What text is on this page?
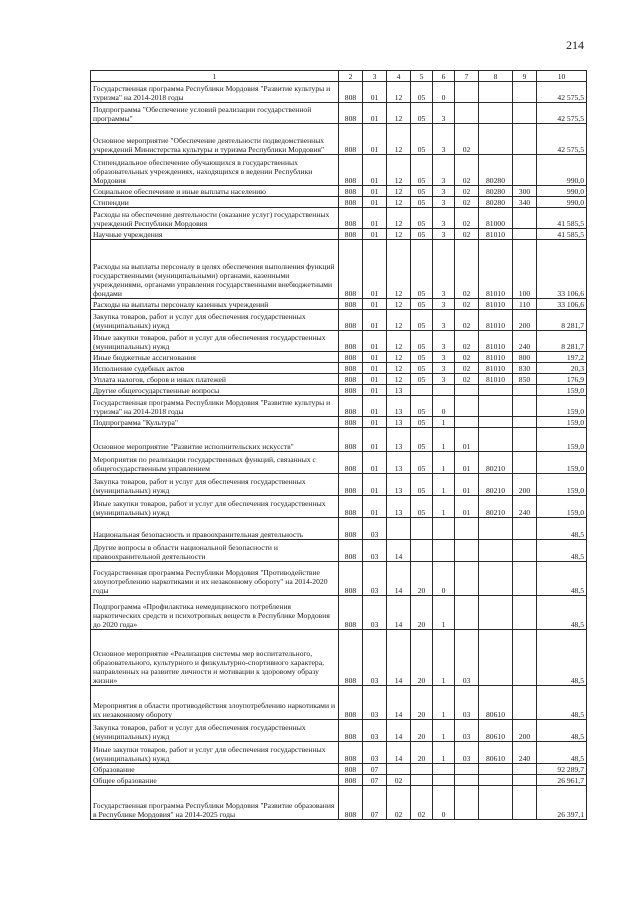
214
1	2	3	4	5	6	7	8	9	10
Государственная программа Республики Мордовия "Развитие культуры и туризма" на 2014-2018 годы	808	01	12	05	0				42 575,5
Подпрограмма "Обеспечение условий реализации государственной программы"	808	01	12	05	3				42 575,5
Основное мероприятие "Обеспечение деятельности подведомственных учреждений Министерства культуры и туризма Республики Мордовия"	808	01	12	05	3	02			42 575,5
Стипендиальное обеспечение обучающихся в государственных образовательных учреждениях, находящихся в ведении Республики Мордовия	808	01	12	05	3	02	80280		990,0
Социальное обеспечение и иные выплаты населению	808	01	12	05	3	02	80280	300	990,0
Стипендии	808	01	12	05	3	02	80280	340	990,0
Расходы на обеспечение деятельности (оказание услуг) государственных учреждений Республики Мордовия	808	01	12	05	3	02	81000		41 585,5
Научные учреждения	808	01	12	05	3	02	81010		41 585,5
Расходы на выплаты персоналу в целях обеспечения выполнения функций государственными (муниципальными) органами, казенными учреждениями, органами управления государственными внебюджетными фондами	808	01	12	05	3	02	81010	100	33 106,6
Расходы на выплаты персоналу казенных учреждений	808	01	12	05	3	02	81010	110	33 106,6
Закупка товаров, работ и услуг для обеспечения государственных (муниципальных) нужд	808	01	12	05	3	02	81010	200	8 281,7
Иные закупки товаров, работ и услуг для обеспечения государственных (муниципальных) нужд	808	01	12	05	3	02	81010	240	8 281,7
Иные бюджетные ассигнования	808	01	12	05	3	02	81010	800	197,2
Исполнение судебных актов	808	01	12	05	3	02	81010	830	20,3
Уплата налогов, сборов и иных платежей	808	01	12	05	3	02	81010	850	176,9
Другие общегосударственные вопросы	808	01	13						159,0
Государственная программа Республики Мордовия "Развитие культуры и туризма" на 2014-2018 годы	808	01	13	05	0				159,0
Подпрограмма "Культура"	808	01	13	05	1				159,0
Основное мероприятие "Развитие исполнительских искусств"	808	01	13	05	1	01			159,0
Мероприятия по реализации государственных функций, связанных с общегосударственным управлением	808	01	13	05	1	01	80210		159,0
Закупка товаров, работ и услуг для обеспечения государственных (муниципальных) нужд	808	01	13	05	1	01	80210	200	159,0
Иные закупки товаров, работ и услуг для обеспечения государственных (муниципальных) нужд	808	01	13	05	1	01	80210	240	159,0
Национальная безопасность и правоохранительная деятельность	808	03							48,5
Другие вопросы в области национальной безопасности и правоохранительной деятельности	808	03	14						48,5
Государственная программа Республики Мордовия "Противодействие злоупотреблению наркотиками и их незаконному обороту" на 2014-2020 годы	808	03	14	20	0				48,5
Подпрограмма «Профилактика немедицинского потребления наркотических средств и психотропных веществ в Республике Мордовия до 2020 года»	808	03	14	20	1				48,5
Основное мероприятие «Реализация системы мер воспитательного, образовательного, культурного и физкультурно-спортивного характера, направленных на развитие личности и мотивации к здоровому образу жизни»	808	03	14	20	1	03			48,5
Мероприятия в области противодействия злоупотреблению наркотиками и их незаконному обороту	808	03	14	20	1	03	80610		48,5
Закупка товаров, работ и услуг для обеспечения государственных (муниципальных) нужд	808	03	14	20	1	03	80610	200	48,5
Иные закупки товаров, работ и услуг для обеспечения государственных (муниципальных) нужд	808	03	14	20	1	03	80610	240	48,5
Образование	808	07							92 289,7
Общее образование	808	07	02						26 961,7
Государственная программа Республики Мордовия "Развитие образования в Республике Мордовия" на 2014-2025 годы	808	07	02	02	0				26 397,1
